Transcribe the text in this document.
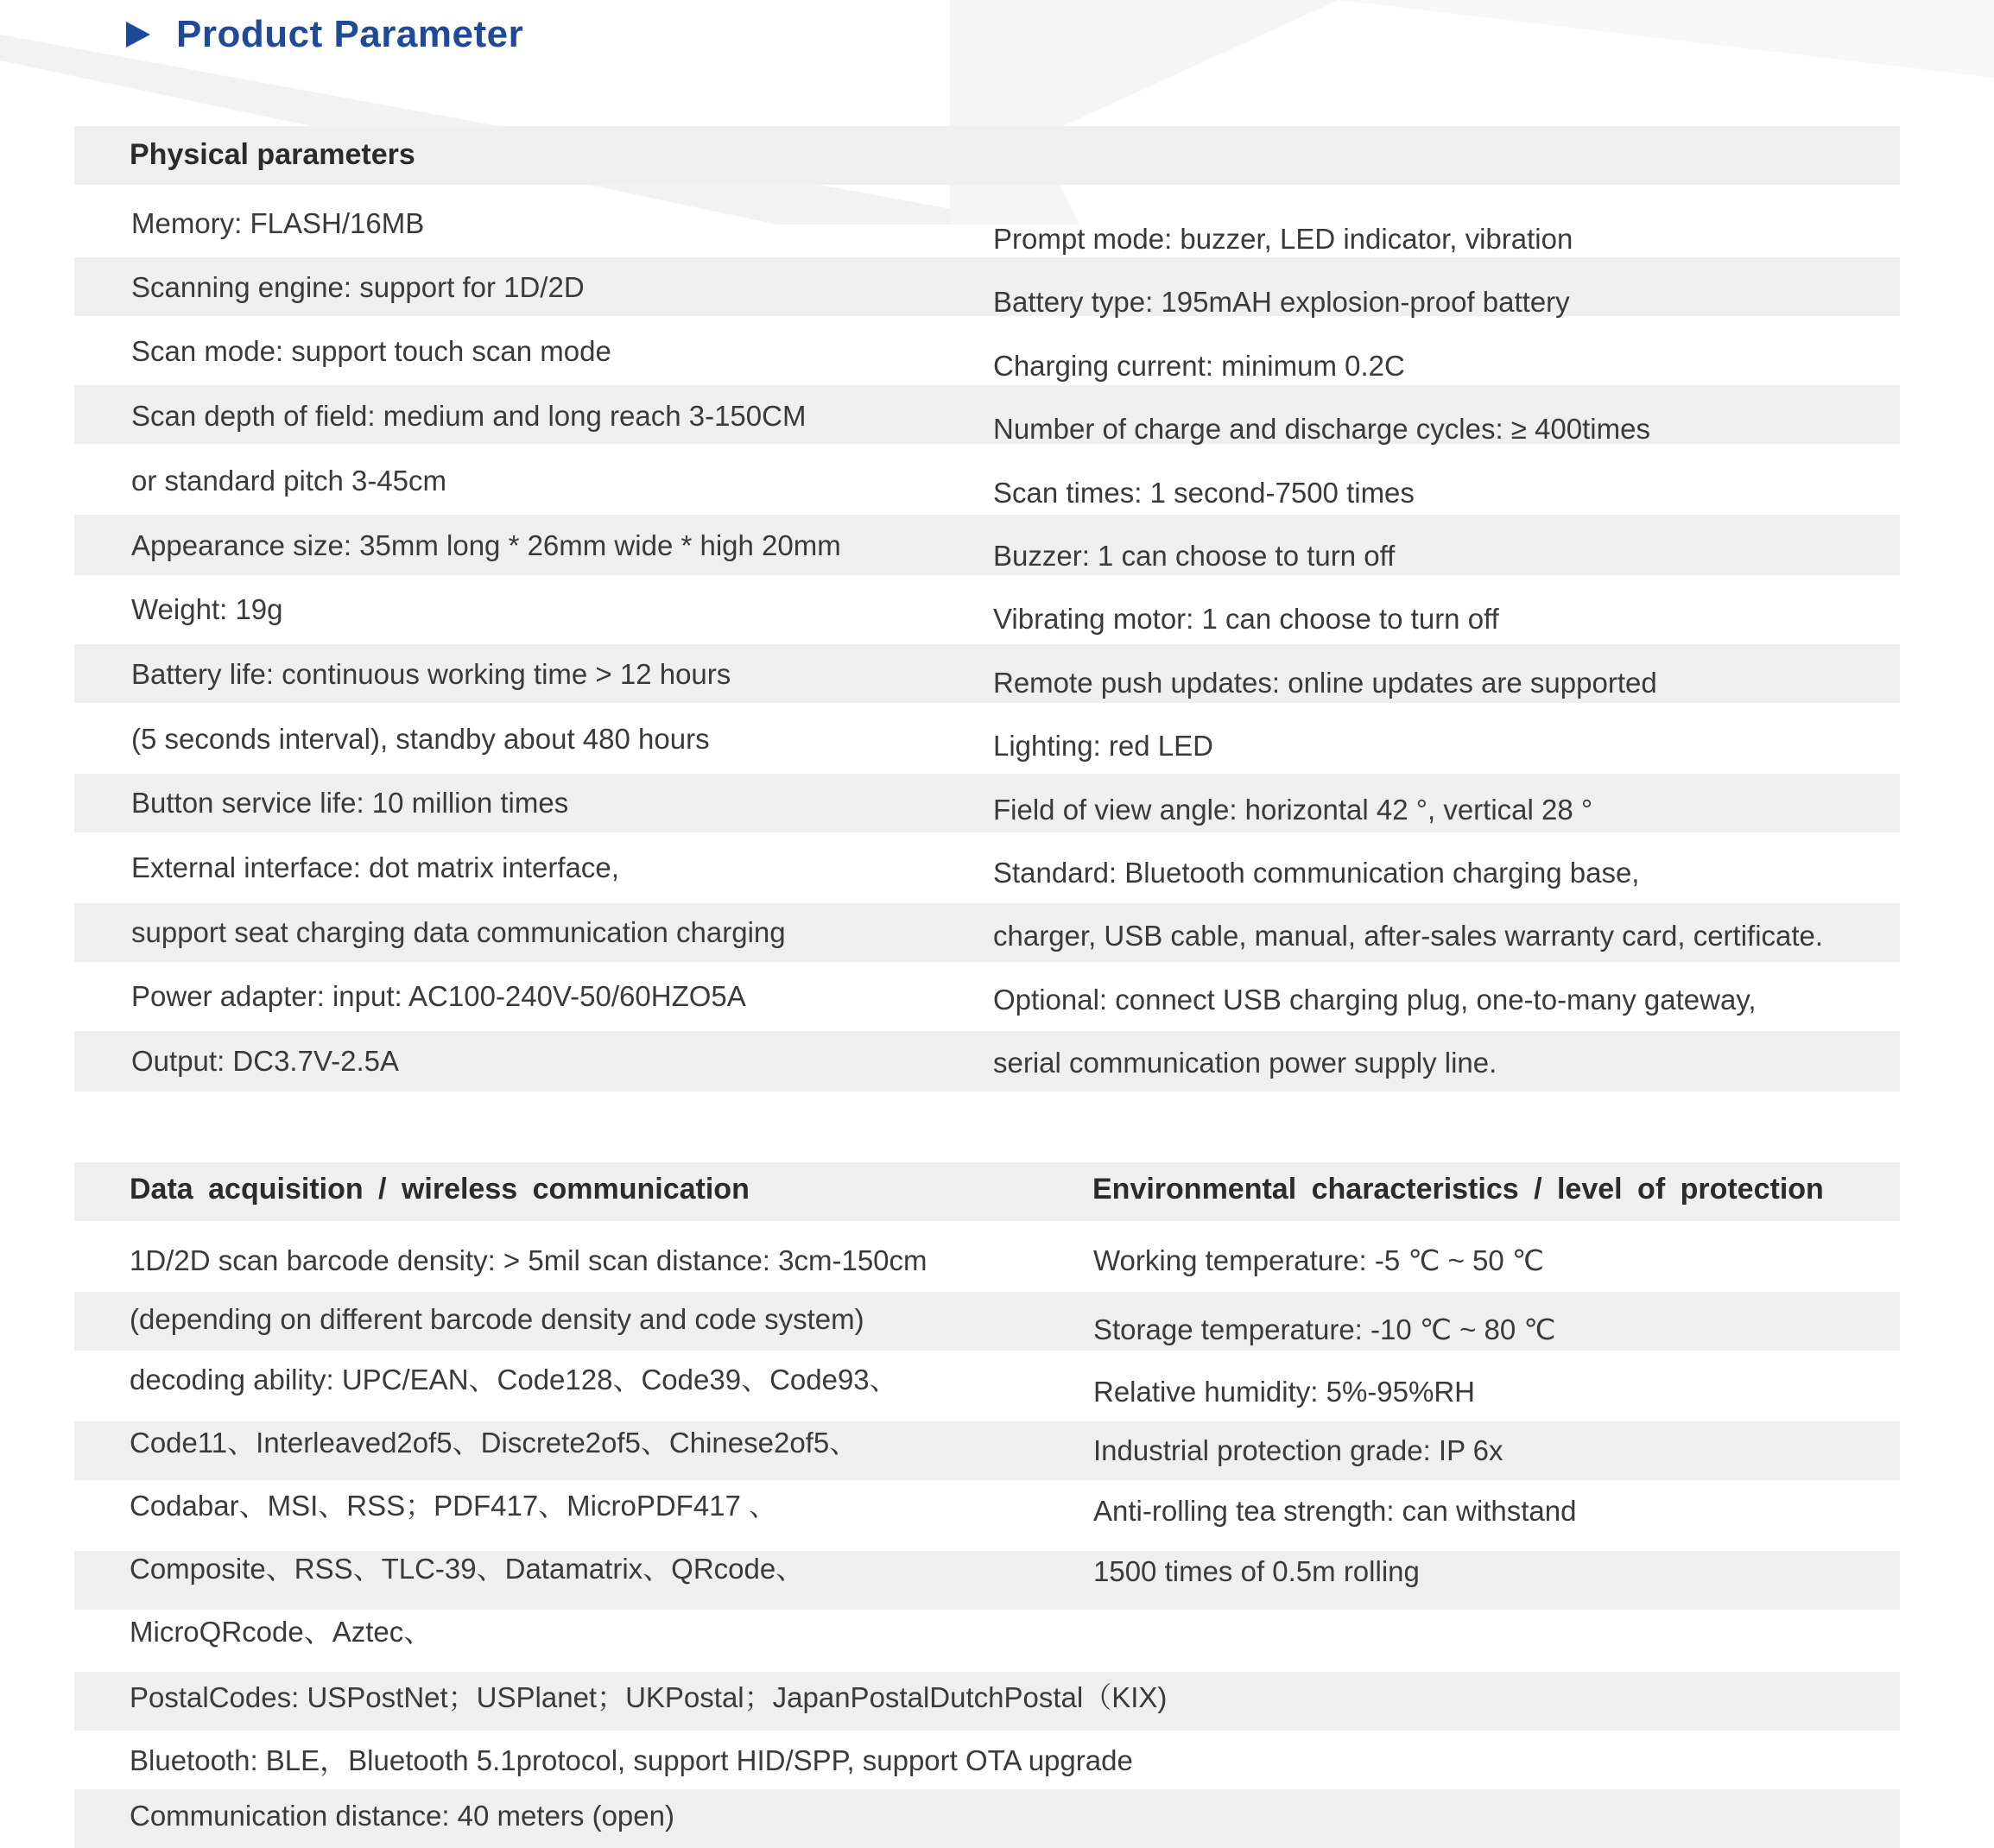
Product Parameter
Physical parameters
Memory: FLASH/16MB
Scanning engine: support for 1D/2D
Scan mode: support touch scan mode
Scan depth of field: medium and long reach 3-150CM
or standard pitch 3-45cm
Appearance size: 35mm long * 26mm wide * high 20mm
Weight: 19g
Battery life: continuous working time > 12 hours
(5 seconds interval), standby about 480 hours
Button service life: 10 million times
External interface: dot matrix interface,
support seat charging data communication charging
Power adapter: input: AC100-240V-50/60HZO5A
Output: DC3.7V-2.5A
Prompt mode: buzzer, LED indicator, vibration
Battery type: 195mAH explosion-proof battery
Charging current: minimum 0.2C
Number of charge and discharge cycles: ≥ 400times
Scan times: 1 second-7500 times
Buzzer: 1 can choose to turn off
Vibrating motor: 1 can choose to turn off
Remote push updates: online updates are supported
Lighting: red LED
Field of view angle: horizontal 42 °, vertical 28 °
Standard: Bluetooth communication charging base,
charger, USB cable, manual, after-sales warranty card, certificate.
Optional: connect USB charging plug, one-to-many gateway,
serial communication power supply line.
Data acquisition / wireless communication	Environmental characteristics / level of protection
1D/2D scan barcode density: > 5mil scan distance: 3cm-150cm
(depending on different barcode density and code system)
decoding ability: UPC/EAN、Code128、Code39、Code93、
Code11、Interleaved2of5、Discrete2of5、Chinese2of5、
Codabar、MSI、RSS；PDF417、MicroPDF417 、
Composite、RSS、TLC-39、Datamatrix、QRcode、
MicroQRcode、Aztec、
PostalCodes: USPostNet；USPlanet；UKPostal；JapanPostalDutchPostal（KIX)
Bluetooth: BLE，Bluetooth 5.1protocol, support HID/SPP, support OTA upgrade
Communication distance: 40 meters (open)
Working temperature: -5 ℃ ~ 50 ℃
Storage temperature: -10 ℃ ~ 80 ℃
Relative humidity: 5%-95%RH
Industrial protection grade: IP 6x
Anti-rolling tea strength: can withstand
1500 times of 0.5m rolling
